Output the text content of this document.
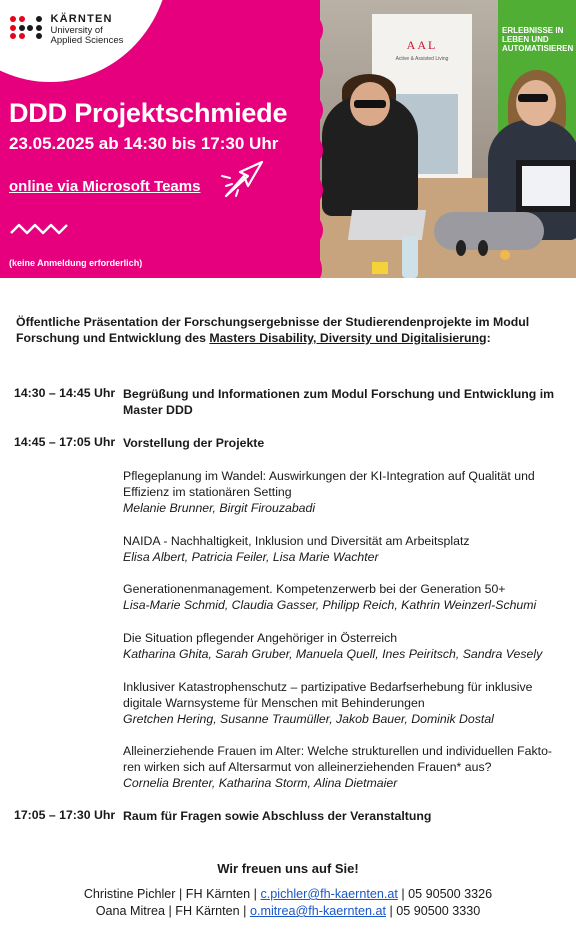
KÄRNTEN
University of
Applied Sciences
DDD Projektschmiede
23.05.2025 ab 14:30 bis 17:30 Uhr
online via Microsoft Teams
(keine Anmeldung erforderlich)
AAL
Active & Assisted Living
ERLEBNISSE IN LEBEN UND AUTOMATISIEREN
Öffentliche Präsentation der Forschungsergebnisse der Studierendenprojekte im Modul Forschung und Entwicklung des Masters Disability, Diversity und Digitalisierung:
14:30 – 14:45 Uhr Begrüßung und Informationen zum Modul Forschung und Entwicklung im Master DDD
14:45 – 17:05 Uhr Vorstellung der Projekte
Pflegeplanung im Wandel: Auswirkungen der KI-Integration auf Qualität und Effizienz im stationären Setting
Melanie Brunner, Birgit Firouzabadi
NAIDA - Nachhaltigkeit, Inklusion und Diversität am Arbeitsplatz
Elisa Albert, Patricia Feiler, Lisa Marie Wachter
Generationenmanagement. Kompetenzerwerb bei der Generation 50+
Lisa-Marie Schmid, Claudia Gasser, Philipp Reich, Kathrin Weinzerl-Schumi
Die Situation pflegender Angehöriger in Österreich
Katharina Ghita, Sarah Gruber, Manuela Quell, Ines Peiritsch, Sandra Vesely
Inklusiver Katastrophenschutz – partizipative Bedarfserhebung für inklusive digitale Warnsysteme für Menschen mit Behinderungen
Gretchen Hering, Susanne Traumüller, Jakob Bauer, Dominik Dostal
Alleinerziehende Frauen im Alter: Welche strukturellen und individuellen Fakto-ren wirken sich auf Altersarmut von alleinerziehenden Frauen* aus?
Cornelia Brenter, Katharina Storm, Alina Dietmaier
17:05 – 17:30 Uhr Raum für Fragen sowie Abschluss der Veranstaltung
Wir freuen uns auf Sie!
Christine Pichler | FH Kärnten | c.pichler@fh-kaernten.at | 05 90500 3326
Oana Mitrea | FH Kärnten | o.mitrea@fh-kaernten.at | 05 90500 3330
